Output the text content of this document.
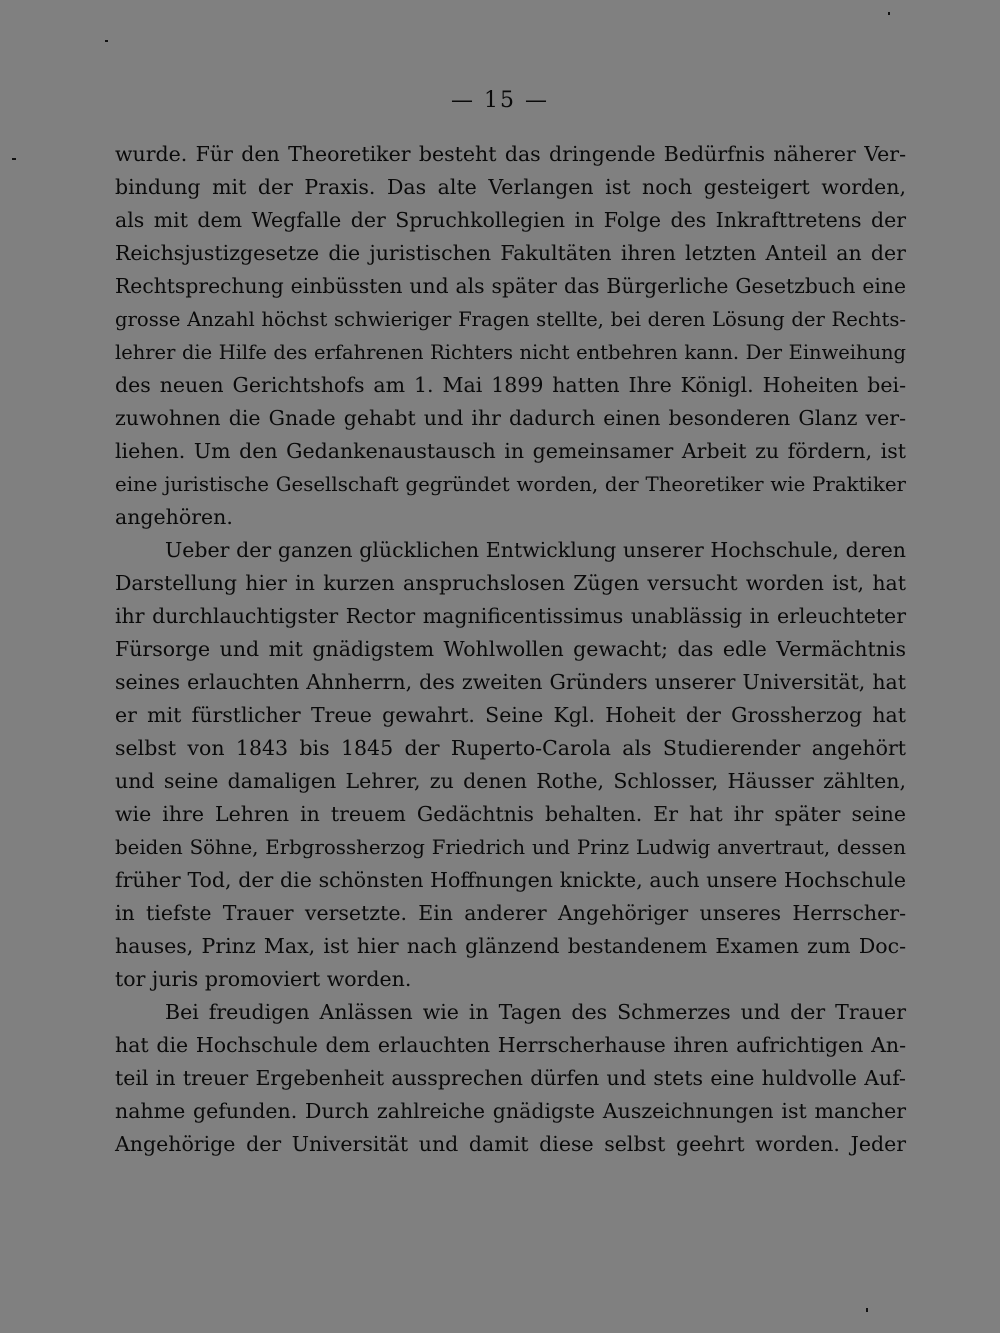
— 15 —
wurde. Für den Theoretiker besteht das dringende Bedürfnis näherer Ver-
bindung mit der Praxis. Das alte Verlangen ist noch gesteigert worden,
als mit dem Wegfalle der Spruchkollegien in Folge des Inkrafttretens der
Reichsjustizgesetze die juristischen Fakultäten ihren letzten Anteil an der
Rechtsprechung einbüssten und als später das Bürgerliche Gesetzbuch eine
grosse Anzahl höchst schwieriger Fragen stellte, bei deren Lösung der Rechts-
lehrer die Hilfe des erfahrenen Richters nicht entbehren kann. Der Einweihung
des neuen Gerichtshofs am 1. Mai 1899 hatten Ihre Königl. Hoheiten bei-
zuwohnen die Gnade gehabt und ihr dadurch einen besonderen Glanz ver-
liehen. Um den Gedankenaustausch in gemeinsamer Arbeit zu fördern, ist
eine juristische Gesellschaft gegründet worden, der Theoretiker wie Praktiker
angehören.
Ueber der ganzen glücklichen Entwicklung unserer Hochschule, deren
Darstellung hier in kurzen anspruchslosen Zügen versucht worden ist, hat
ihr durchlauchtigster Rector magnificentissimus unablässig in erleuchteter
Fürsorge und mit gnädigstem Wohlwollen gewacht; das edle Vermächtnis
seines erlauchten Ahnherrn, des zweiten Gründers unserer Universität, hat
er mit fürstlicher Treue gewahrt. Seine Kgl. Hoheit der Grossherzog hat
selbst von 1843 bis 1845 der Ruperto-Carola als Studierender angehört
und seine damaligen Lehrer, zu denen Rothe, Schlosser, Häusser zählten,
wie ihre Lehren in treuem Gedächtnis behalten. Er hat ihr später seine
beiden Söhne, Erbgrossherzog Friedrich und Prinz Ludwig anvertraut, dessen
früher Tod, der die schönsten Hoffnungen knickte, auch unsere Hochschule
in tiefste Trauer versetzte. Ein anderer Angehöriger unseres Herrscher-
hauses, Prinz Max, ist hier nach glänzend bestandenem Examen zum Doc-
tor juris promoviert worden.
Bei freudigen Anlässen wie in Tagen des Schmerzes und der Trauer
hat die Hochschule dem erlauchten Herrscherhause ihren aufrichtigen An-
teil in treuer Ergebenheit aussprechen dürfen und stets eine huldvolle Auf-
nahme gefunden. Durch zahlreiche gnädigste Auszeichnungen ist mancher
Angehörige der Universität und damit diese selbst geehrt worden. Jeder
